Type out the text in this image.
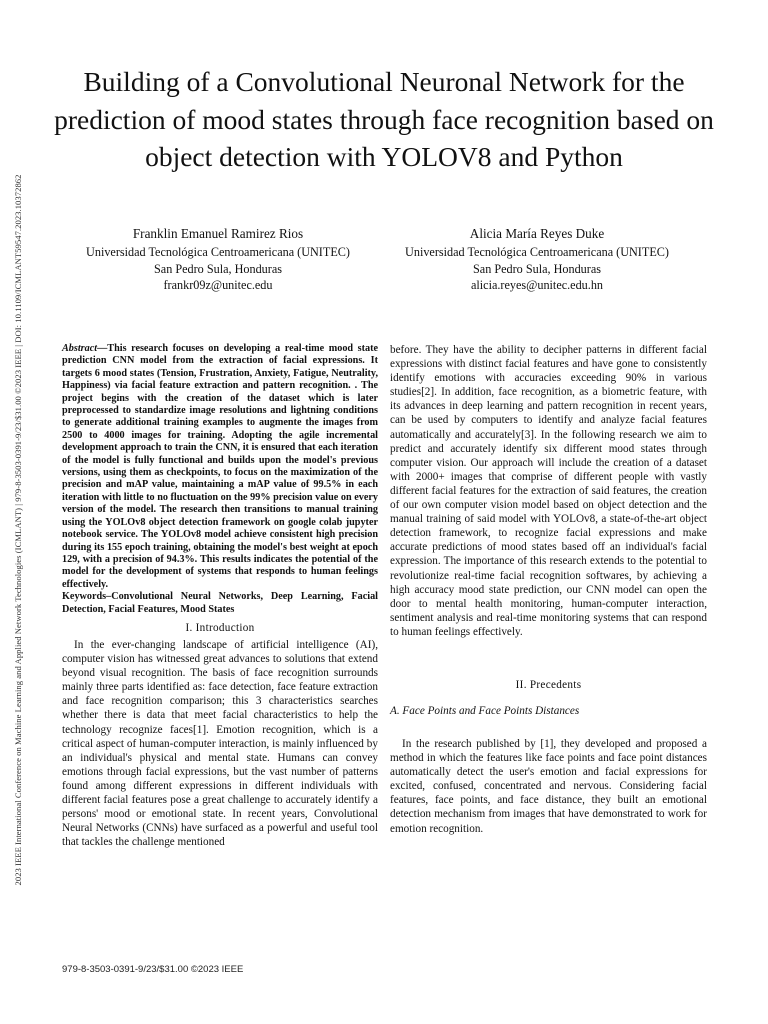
2023 IEEE International Conference on Machine Learning and Applied Network Technologies (ICMLANT) | 979-8-3503-0391-9/23/$31.00 ©2023 IEEE | DOI: 10.1109/ICMLANT59547.2023.10372862
Building of a Convolutional Neuronal Network for the prediction of mood states through face recognition based on object detection with YOLOV8 and Python
Franklin Emanuel Ramirez Rios
Universidad Tecnológica Centroamericana (UNITEC)
San Pedro Sula, Honduras
frankr09z@unitec.edu
Alicia María Reyes Duke
Universidad Tecnológica Centroamericana (UNITEC)
San Pedro Sula, Honduras
alicia.reyes@unitec.edu.hn

Abstract—This research focuses on developing a real-time mood state prediction CNN model from the extraction of facial expressions. It targets 6 mood states (Tension, Frustration, Anxiety, Fatigue, Neutrality, Happiness) via facial feature extraction and pattern recognition. . The project begins with the creation of the dataset which is later preprocessed to standardize image resolutions and lightning conditions to generate additional training examples to augmente the images from 2500 to 4000 images for training. Adopting the agile incremental development approach to train the CNN, it is ensured that each iteration of the model is fully functional and builds upon the model's previous versions, using them as checkpoints, to focus on the maximization of the precision and mAP value, maintaining a mAP value of 99.5% in each iteration with little to no fluctuation on the 99% precision value on every version of the model. The research then transitions to manual training using the YOLOv8 object detection framework on google colab jupyter notebook service. The YOLOv8 model achieve consistent high precision during its 155 epoch training, obtaining the model's best weight at epoch 129, with a precision of 94.3%. This results indicates the potential of the model for the development of systems that responds to human feelings effectively.

Keywords–Convolutional Neural Networks, Deep Learning, Facial Detection, Facial Features, Mood States

I. Introduction

In the ever-changing landscape of artificial intelligence (AI), computer vision has witnessed great advances to solutions that extend beyond visual recognition. The basis of face recognition surrounds mainly three parts identified as: face detection, face feature extraction and face recognition comparison; this 3 characteristics searches whether there is data that meet facial characteristics to help the technology recognize faces[1]. Emotion recognition, which is a critical aspect of human-computer interaction, is mainly influenced by an individual's physical and mental state. Humans can convey emotions through facial expressions, but the vast number of patterns found among different expressions in different individuals with different facial features pose a great challenge to accurately identify a persons' mood or emotional state. In recent years, Convolutional Neural Networks (CNNs) have surfaced as a powerful and useful tool that tackles the challenge mentioned

before. They have the ability to decipher patterns in different facial expressions with distinct facial features and have gone to consistently identify emotions with accuracies exceeding 90% in various studies[2]. In addition, face recognition, as a biometric feature, with its advances in deep learning and pattern recognition in recent years, can be used by computers to identify and analyze facial features automatically and accurately[3]. In the following research we aim to predict and accurately identify six different mood states through computer vision. Our approach will include the creation of a dataset with 2000+ images that comprise of different people with vastly different facial features for the extraction of said features, the creation of our own computer vision model based on object detection and the manual training of said model with YOLOv8, a state-of-the-art object detection framework, to recognize facial expressions and make accurate predictions of mood states based off an individual's facial expression. The importance of this research extends to the potential to revolutionize real-time facial recognition softwares, by achieving a high accuracy mood state prediction, our CNN model can open the door to mental health monitoring, human-computer interaction, sentiment analysis and real-time monitoring systems that can respond to human feelings effectively.

II. Precedents
A. Face Points and Face Points Distances

In the research published by [1], they developed and proposed a method in which the features like face points and face point distances automatically detect the user's emotion and facial expressions for excited, confused, concentrated and nervous. Considering facial features, face points, and face distance, they built an emotional detection mechanism from images that have demonstrated to work for emotion recognition.

979-8-3503-0391-9/23/$31.00 ©2023 IEEE
